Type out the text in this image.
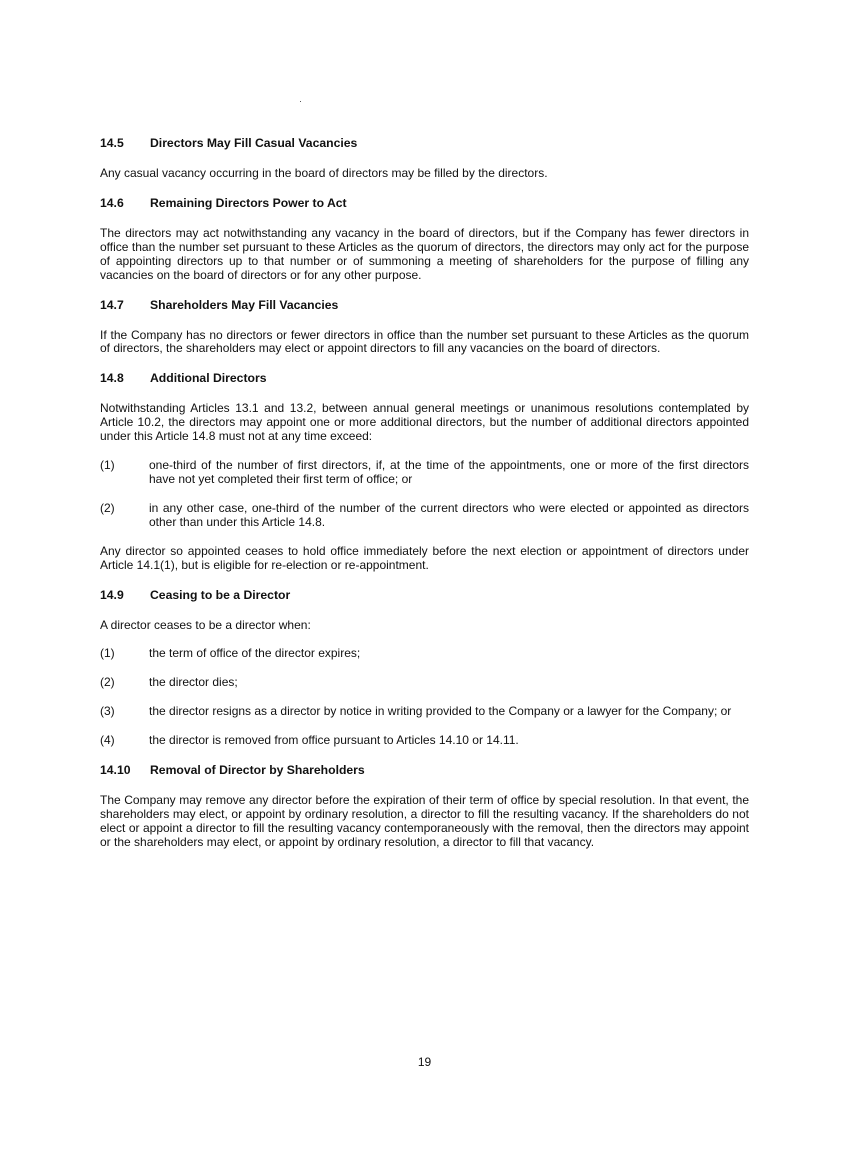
14.5	Directors May Fill Casual Vacancies

Any casual vacancy occurring in the board of directors may be filled by the directors.

14.6	Remaining Directors Power to Act

The directors may act notwithstanding any vacancy in the board of directors, but if the Company has fewer directors in office than the number set pursuant to these Articles as the quorum of directors, the directors may only act for the purpose of appointing directors up to that number or of summoning a meeting of shareholders for the purpose of filling any vacancies on the board of directors or for any other purpose.

14.7	Shareholders May Fill Vacancies

If the Company has no directors or fewer directors in office than the number set pursuant to these Articles as the quorum of directors, the shareholders may elect or appoint directors to fill any vacancies on the board of directors.

14.8	Additional Directors

Notwithstanding Articles 13.1 and 13.2, between annual general meetings or unanimous resolutions contemplated by Article 10.2, the directors may appoint one or more additional directors, but the number of additional directors appointed under this Article 14.8 must not at any time exceed:

(1)	one-third of the number of first directors, if, at the time of the appointments, one or more of the first directors have not yet completed their first term of office; or
(2)	in any other case, one-third of the number of the current directors who were elected or appointed as directors other than under this Article 14.8.

Any director so appointed ceases to hold office immediately before the next election or appointment of directors under Article 14.1(1), but is eligible for re-election or re-appointment.

14.9	Ceasing to be a Director

A director ceases to be a director when:

(1)	the term of office of the director expires;
(2)	the director dies;
(3)	the director resigns as a director by notice in writing provided to the Company or a lawyer for the Company; or
(4)	the director is removed from office pursuant to Articles 14.10 or 14.11.
14.10	Removal of Director by Shareholders

The Company may remove any director before the expiration of their term of office by special resolution. In that event, the shareholders may elect, or appoint by ordinary resolution, a director to fill the resulting vacancy. If the shareholders do not elect or appoint a director to fill the resulting vacancy contemporaneously with the removal, then the directors may appoint or the shareholders may elect, or appoint by ordinary resolution, a director to fill that vacancy.

19
